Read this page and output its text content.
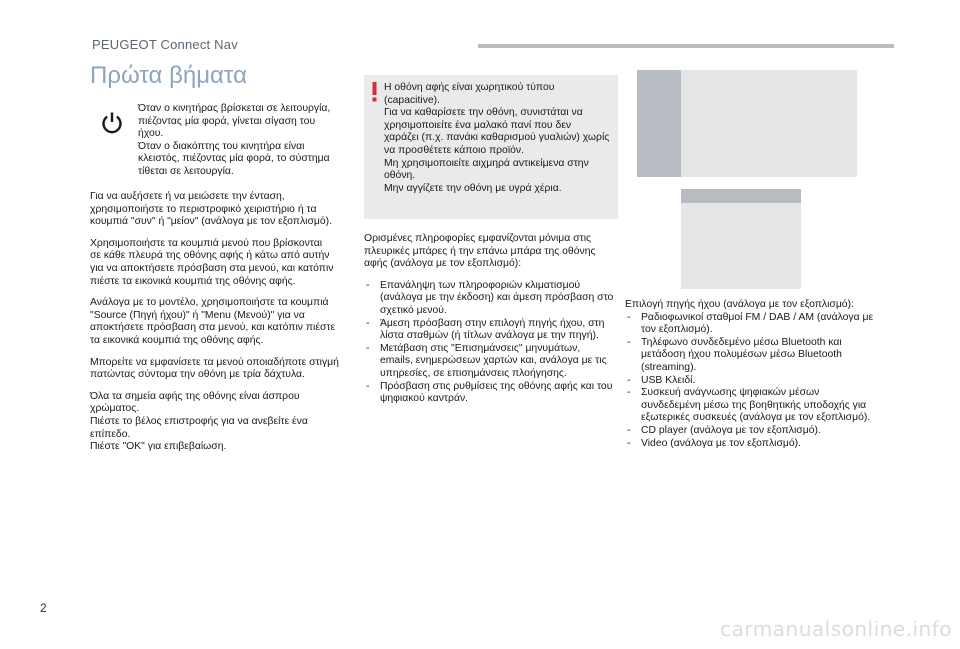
PEUGEOT Connect Nav
Πρώτα βήματα
Όταν ο κινητήρας βρίσκεται σε λειτουργία,
πιέζοντας μία φορά, γίνεται σίγαση του
ήχου.
Όταν ο διακόπτης του κινητήρα είναι
κλειστός, πιέζοντας μία φορά, το σύστημα
τίθεται σε λειτουργία.

Για να αυξήσετε ή να μειώσετε την ένταση,
χρησιμοποιήστε το περιστροφικό χειριστήριο ή τα
κουμπιά "συν" ή "μείον" (ανάλογα με τον εξοπλισμό).

Χρησιμοποιήστε τα κουμπιά μενού που βρίσκονται
σε κάθε πλευρά της οθόνης αφής ή κάτω από αυτήν
για να αποκτήσετε πρόσβαση στα μενού, και κατόπιν
πιέστε τα εικονικά κουμπιά της οθόνης αφής.

Ανάλογα με το μοντέλο, χρησιμοποιήστε τα κουμπιά
"Source (Πηγή ήχου)" ή "Menu (Μενού)" για να
αποκτήσετε πρόσβαση στα μενού, και κατόπιν πιέστε
τα εικονικά κουμπιά της οθόνης αφής.

Μπορείτε να εμφανίσετε τα μενού οποιαδήποτε στιγμή
πατώντας σύντομα την οθόνη με τρία δάχτυλα.

Όλα τα σημεία αφής της οθόνης είναι άσπρου
χρώματος.
Πιέστε το βέλος επιστροφής για να ανεβείτε ένα
επίπεδο.
Πιέστε "OK" για επιβεβαίωση.

Η οθόνη αφής είναι χωρητικού τύπου
(capacitive).
Για να καθαρίσετε την οθόνη, συνιστάται να
χρησιμοποιείτε ένα μαλακό πανί που δεν
χαράζει (π.χ. πανάκι καθαρισμού γυαλιών) χωρίς
να προσθέτετε κάποιο προϊόν.
Μη χρησιμοποιείτε αιχμηρά αντικείμενα στην
οθόνη.
Μην αγγίζετε την οθόνη με υγρά χέρια.

Ορισμένες πληροφορίες εμφανίζονται μόνιμα στις
πλευρικές μπάρες ή την επάνω μπάρα της οθόνης
αφής (ανάλογα με τον εξοπλισμό):

- Επανάληψη των πληροφοριών κλιματισμού
(ανάλογα με την έκδοση) και άμεση πρόσβαση στο
σχετικό μενού.
- Άμεση πρόσβαση στην επιλογή πηγής ήχου, στη
λίστα σταθμών (ή τίτλων ανάλογα με την πηγή).
- Μετάβαση στις "Επισημάνσεις" μηνυμάτων,
emails, ενημερώσεων χαρτών και, ανάλογα με τις
υπηρεσίες, σε επισημάνσεις πλοήγησης.
- Πρόσβαση στις ρυθμίσεις της οθόνης αφής και του
ψηφιακού καντράν.
Επιλογή πηγής ήχου (ανάλογα με τον εξοπλισμό):
- Ραδιοφωνικοί σταθμοί FM / DAB / AM (ανάλογα με
τον εξοπλισμό).
- Τηλέφωνο συνδεδεμένο μέσω Bluetooth και
μετάδοση ήχου πολυμέσων μέσω Bluetooth
(streaming).
- USB Κλειδί.
- Συσκευή ανάγνωσης ψηφιακών μέσων
συνδεδεμένη μέσω της βοηθητικής υποδοχής για
εξωτερικές συσκευές (ανάλογα με τον εξοπλισμό).
- CD player (ανάλογα με τον εξοπλισμό).
- Video (ανάλογα με τον εξοπλισμό).
2
carmanualsonline.info
